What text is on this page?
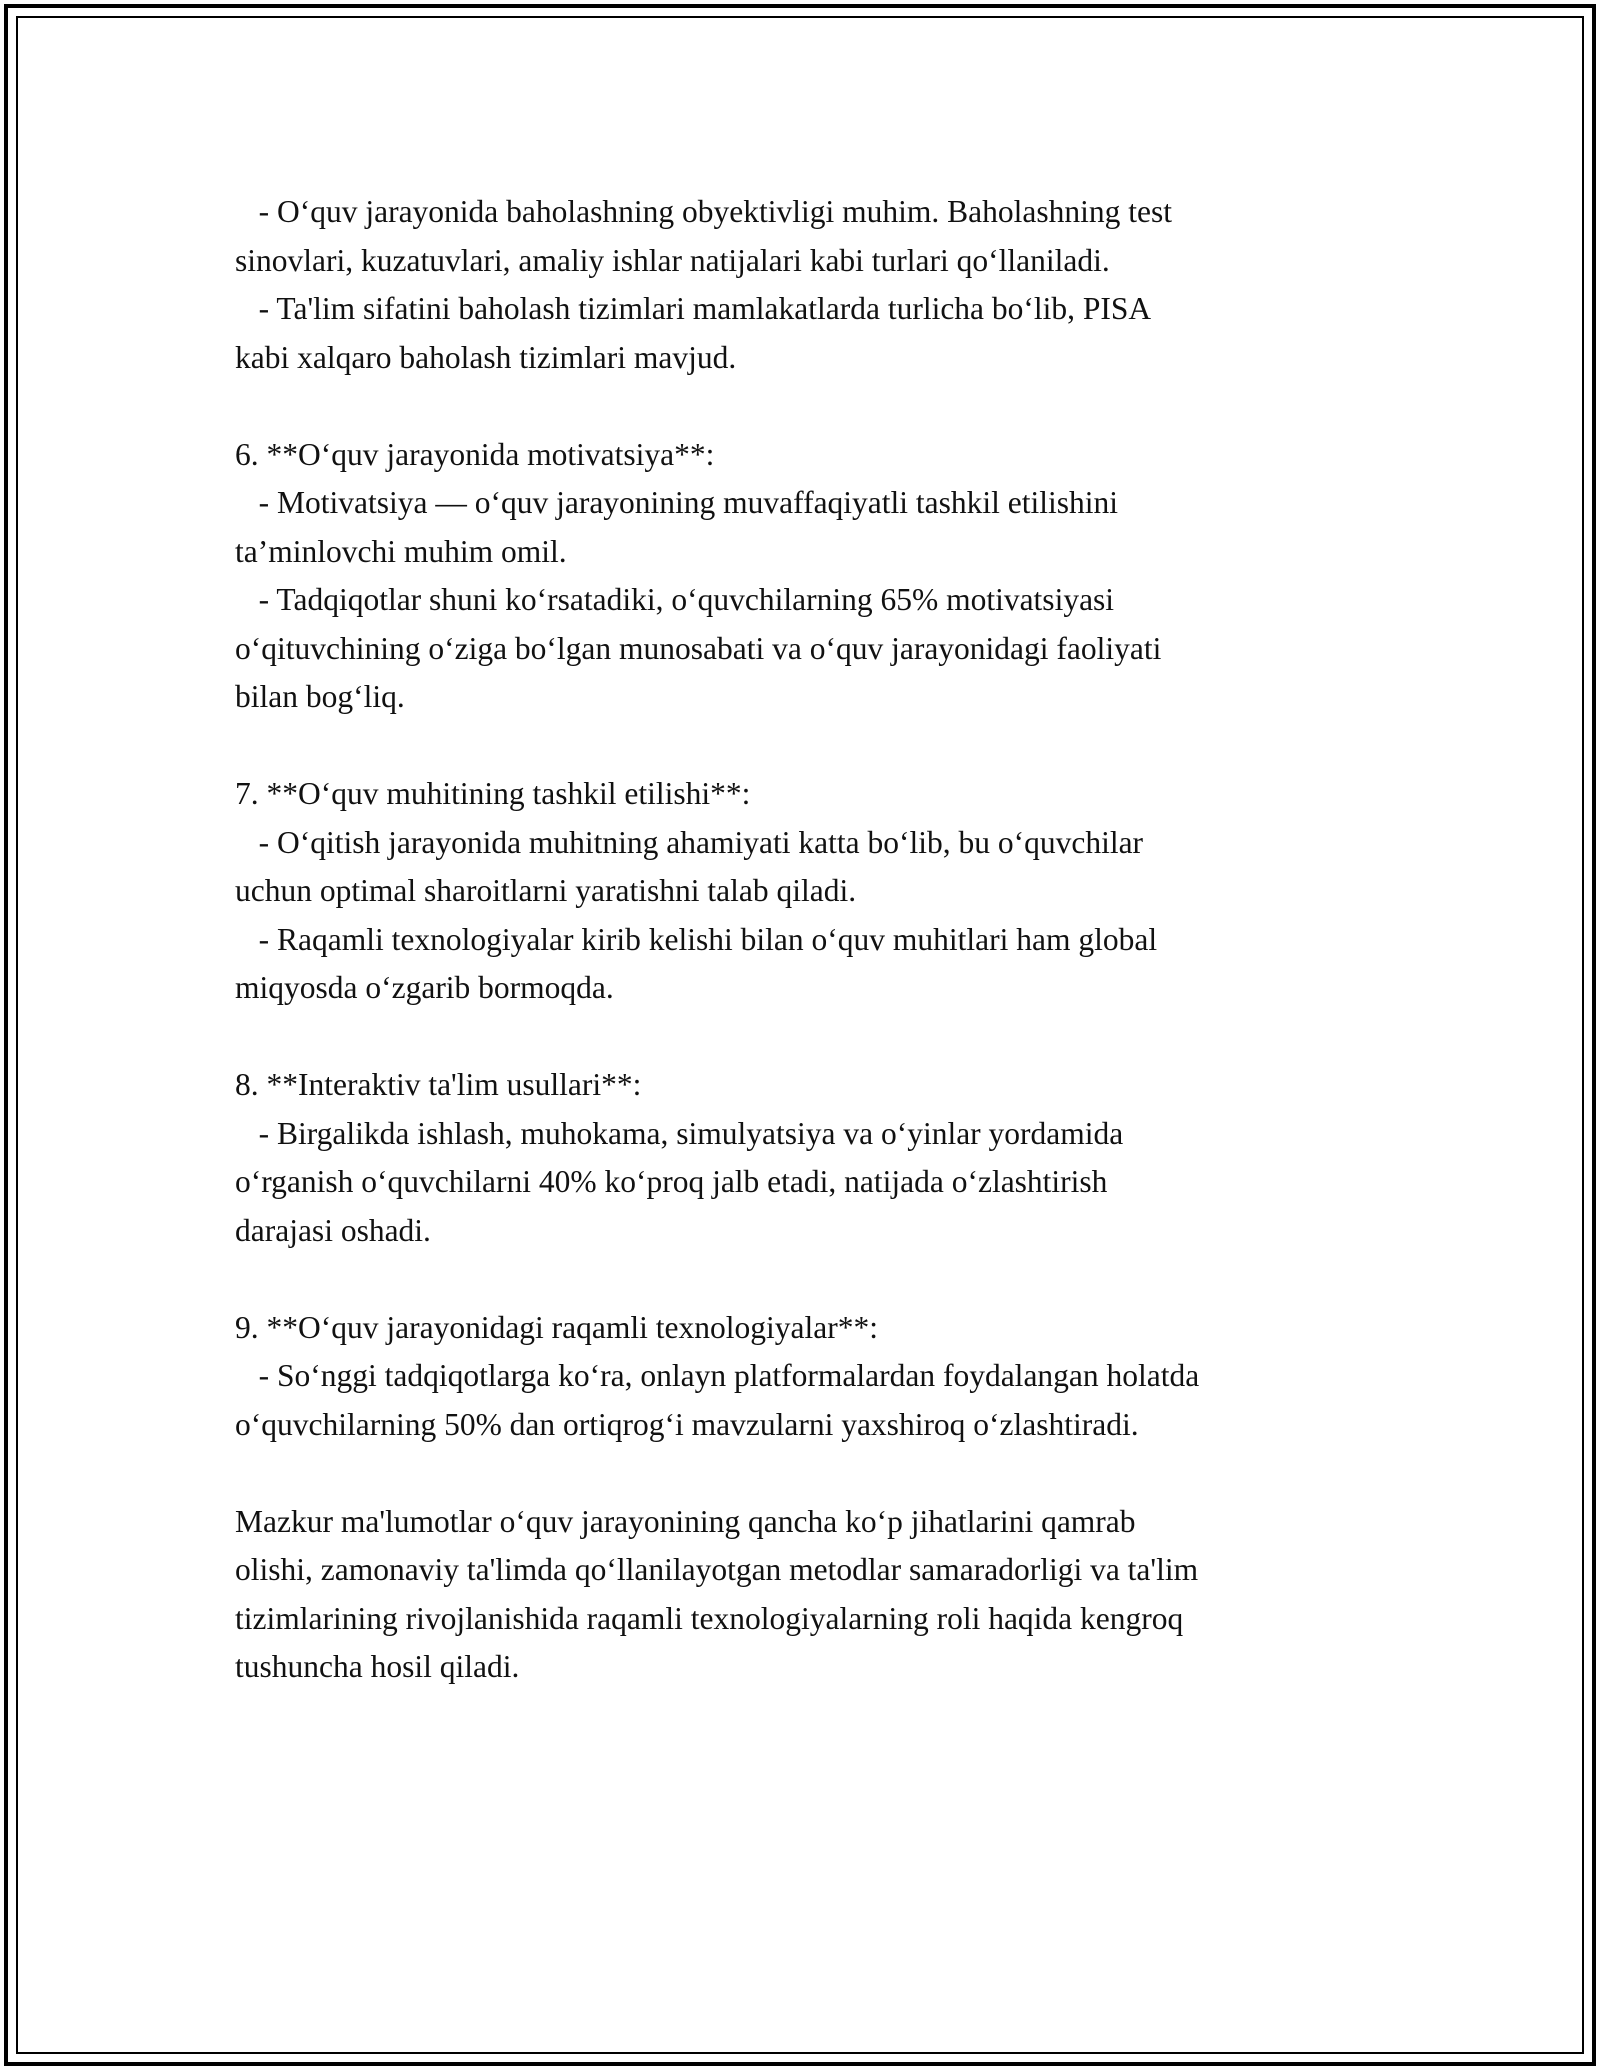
- O‘quv jarayonida baholashning obyektivligi muhim. Baholashning test
sinovlari, kuzatuvlari, amaliy ishlar natijalari kabi turlari qo‘llaniladi.
- Ta'lim sifatini baholash tizimlari mamlakatlarda turlicha bo‘lib, PISA
kabi xalqaro baholash tizimlari mavjud.
6. **O‘quv jarayonida motivatsiya**:
- Motivatsiya — o‘quv jarayonining muvaffaqiyatli tashkil etilishini
ta’minlovchi muhim omil.
- Tadqiqotlar shuni ko‘rsatadiki, o‘quvchilarning 65% motivatsiyasi
o‘qituvchining o‘ziga bo‘lgan munosabati va o‘quv jarayonidagi faoliyati
bilan bog‘liq.
7. **O‘quv muhitining tashkil etilishi**:
- O‘qitish jarayonida muhitning ahamiyati katta bo‘lib, bu o‘quvchilar
uchun optimal sharoitlarni yaratishni talab qiladi.
- Raqamli texnologiyalar kirib kelishi bilan o‘quv muhitlari ham global
miqyosda o‘zgarib bormoqda.
8. **Interaktiv ta'lim usullari**:
- Birgalikda ishlash, muhokama, simulyatsiya va o‘yinlar yordamida
o‘rganish o‘quvchilarni 40% ko‘proq jalb etadi, natijada o‘zlashtirish
darajasi oshadi.
9. **O‘quv jarayonidagi raqamli texnologiyalar**:
- So‘nggi tadqiqotlarga ko‘ra, onlayn platformalardan foydalangan holatda
o‘quvchilarning 50% dan ortiqrog‘i mavzularni yaxshiroq o‘zlashtiradi.
Mazkur ma'lumotlar o‘quv jarayonining qancha ko‘p jihatlarini qamrab
olishi, zamonaviy ta'limda qo‘llanilayotgan metodlar samaradorligi va ta'lim
tizimlarining rivojlanishida raqamli texnologiyalarning roli haqida kengroq
tushuncha hosil qiladi.
